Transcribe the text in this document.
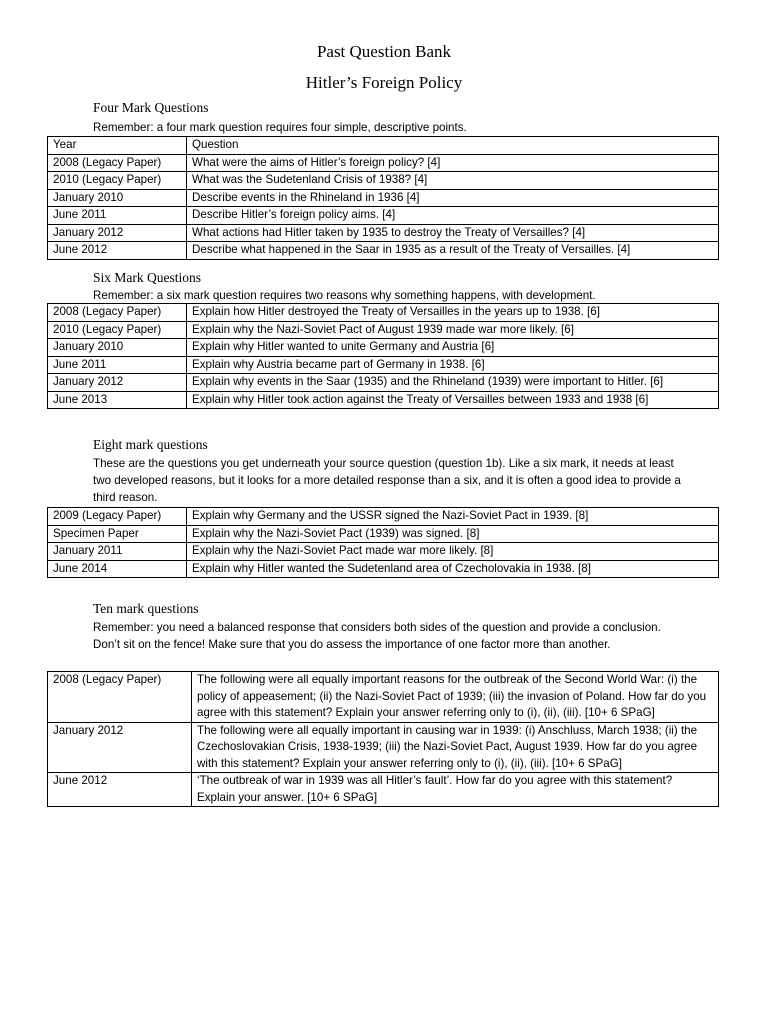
Past Question Bank
Hitler’s Foreign Policy
Four Mark Questions
Remember: a four mark question requires four simple, descriptive points.
Year	Question
2008 (Legacy Paper)	What were the aims of Hitler’s foreign policy? [4]
2010 (Legacy Paper)	What was the Sudetenland Crisis of 1938? [4]
January 2010	Describe events in the Rhineland in 1936 [4]
June 2011	Describe Hitler’s foreign policy aims. [4]
January 2012	What actions had Hitler taken by 1935 to destroy the Treaty of Versailles? [4]
June 2012	Describe what happened in the Saar in 1935 as a result of the Treaty of Versailles. [4]
Six Mark Questions
Remember: a six mark question requires two reasons why something happens, with development.
2008 (Legacy Paper)	Explain how Hitler destroyed the Treaty of Versailles in the years up to 1938. [6]
2010 (Legacy Paper)	Explain why the Nazi-Soviet Pact of August 1939 made war more likely. [6]
January 2010	Explain why Hitler wanted to unite Germany and Austria [6]
June 2011	Explain why Austria became part of Germany in 1938. [6]
January 2012	Explain why events in the Saar (1935) and the Rhineland (1939) were important to Hitler. [6]
June 2013	Explain why Hitler took action against the Treaty of Versailles between 1933 and 1938 [6]
Eight mark questions
These are the questions you get underneath your source question (question 1b). Like a six mark, it needs at least two developed reasons, but it looks for a more detailed response than a six, and it is often a good idea to provide a third reason.
2009 (Legacy Paper)	Explain why Germany and the USSR signed the Nazi-Soviet Pact in 1939. [8]
Specimen Paper	Explain why the Nazi-Soviet Pact (1939) was signed. [8]
January 2011	Explain why the Nazi-Soviet Pact made war more likely. [8]
June 2014	Explain why Hitler wanted the Sudetenland area of Czecholovakia in 1938. [8]
Ten mark questions
Remember: you need a balanced response that considers both sides of the question and provide a conclusion. Don’t sit on the fence! Make sure that you do assess the importance of one factor more than another.
2008 (Legacy Paper)	The following were all equally important reasons for the outbreak of the Second World War: (i) the policy of appeasement; (ii) the Nazi-Soviet Pact of 1939; (iii) the invasion of Poland. How far do you agree with this statement? Explain your answer referring only to (i), (ii), (iii). [10+ 6 SPaG]
January 2012	The following were all equally important in causing war in 1939: (i) Anschluss, March 1938; (ii) the Czechoslovakian Crisis, 1938-1939; (iii) the Nazi-Soviet Pact, August 1939. How far do you agree with this statement? Explain your answer referring only to (i), (ii), (iii). [10+ 6 SPaG]
June 2012	‘The outbreak of war in 1939 was all Hitler’s fault’. How far do you agree with this statement? Explain your answer. [10+ 6 SPaG]
